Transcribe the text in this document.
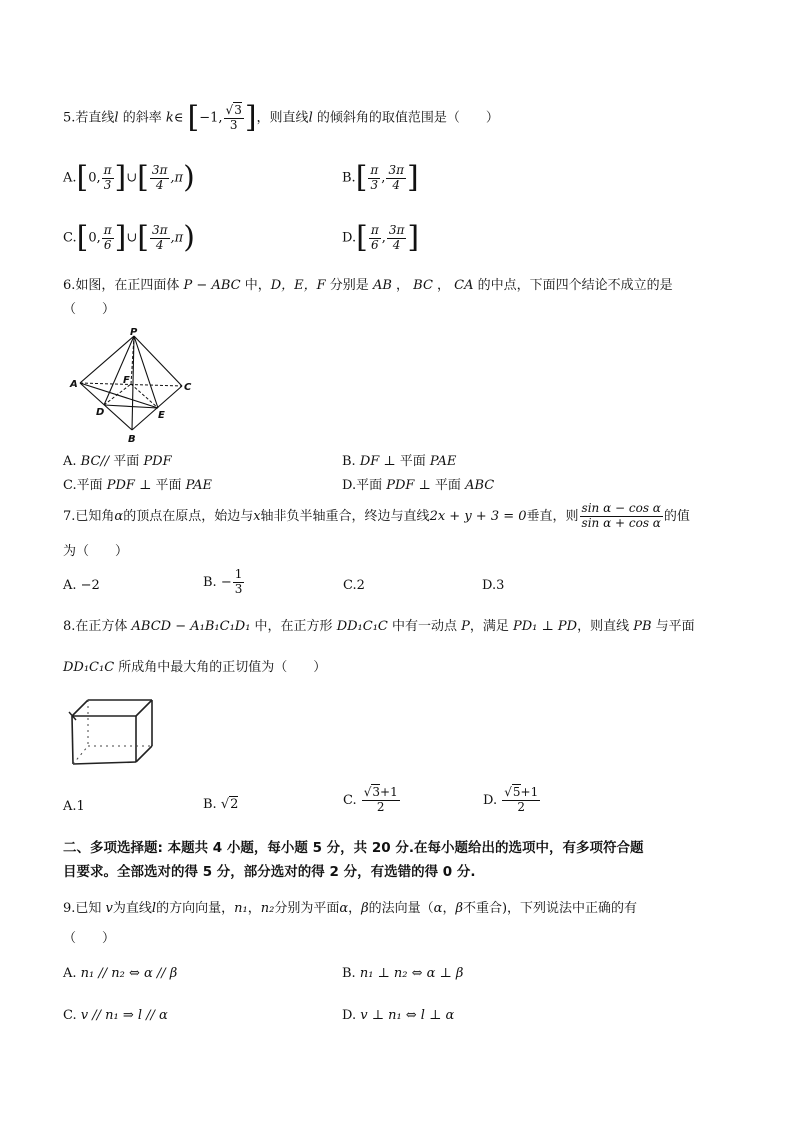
5.若直线l 的斜率 k∈ [−1, $\frac{√3}{3}$ ]，则直线l 的倾斜角的取值范围是（　　）
A.[0, $\frac{\pi}{3}$ ]∪[ $\frac{3\pi}{4} ,\pi$)	$B.[ \frac{\pi}{3}$ , $\frac{3\pi}{4}$ ]
C.[0, $\frac{\pi}{6}$ ]∪[ $\frac{3\pi}{4} ,\pi$)	$D.[ \frac{\pi}{6}$ , $\frac{3\pi}{4}$ ]
6.如图，在正四面体 P − ABC 中，D，E，F 分别是 AB ， BC ， CA 的中点，下面四个结论不成立的是
（　　）
P
A	C
B
D	E
F
A. BC// 平面 PDF	B. DF ⊥ 平面 PAE
C.平面 PDF ⊥ 平面 PAE	D.平面 PDF ⊥ 平面 ABC
7.已知角α的顶点在原点，始边与x轴非负半轴重合，终边与直线2x + y + 3 = 0垂直，则 $\frac{\text{sin α − cos α}}{\text{sin α + cos α}}$ 的值
为（　　）
A. −2	B. − $\frac{1}{3}$	C.2	D.3
8.在正方体 ABCD − A₁B₁C₁D₁ 中，在正方形 DD₁C₁C 中有一动点 P，满足 PD₁ ⊥ PD，则直线 PB 与平面
DD₁C₁C 所成角中最大角的正切值为（　　）
A.1	B. √2	C. $\frac{√3+1}{2}$	D. $\frac{√5+1}{2}$
二、多项选择题: 本题共 4 小题，每小题 5 分，共 20 分.在每小题给出的选项中，有多项符合题
目要求。全部选对的得 5 分，部分选对的得 2 分，有选错的得 0 分.
9.已知 v为直线l的方向向量，n₁，n₂分别为平面α，β的法向量（α，β不重合)，下列说法中正确的有
（　　）
A. n₁ // n₂ ⇔ α // β	B. n₁ ⊥ n₂ ⇔ α ⊥ β
C. v // n₁ ⇒ l // α	D. v ⊥ n₁ ⇔ l ⊥ α
